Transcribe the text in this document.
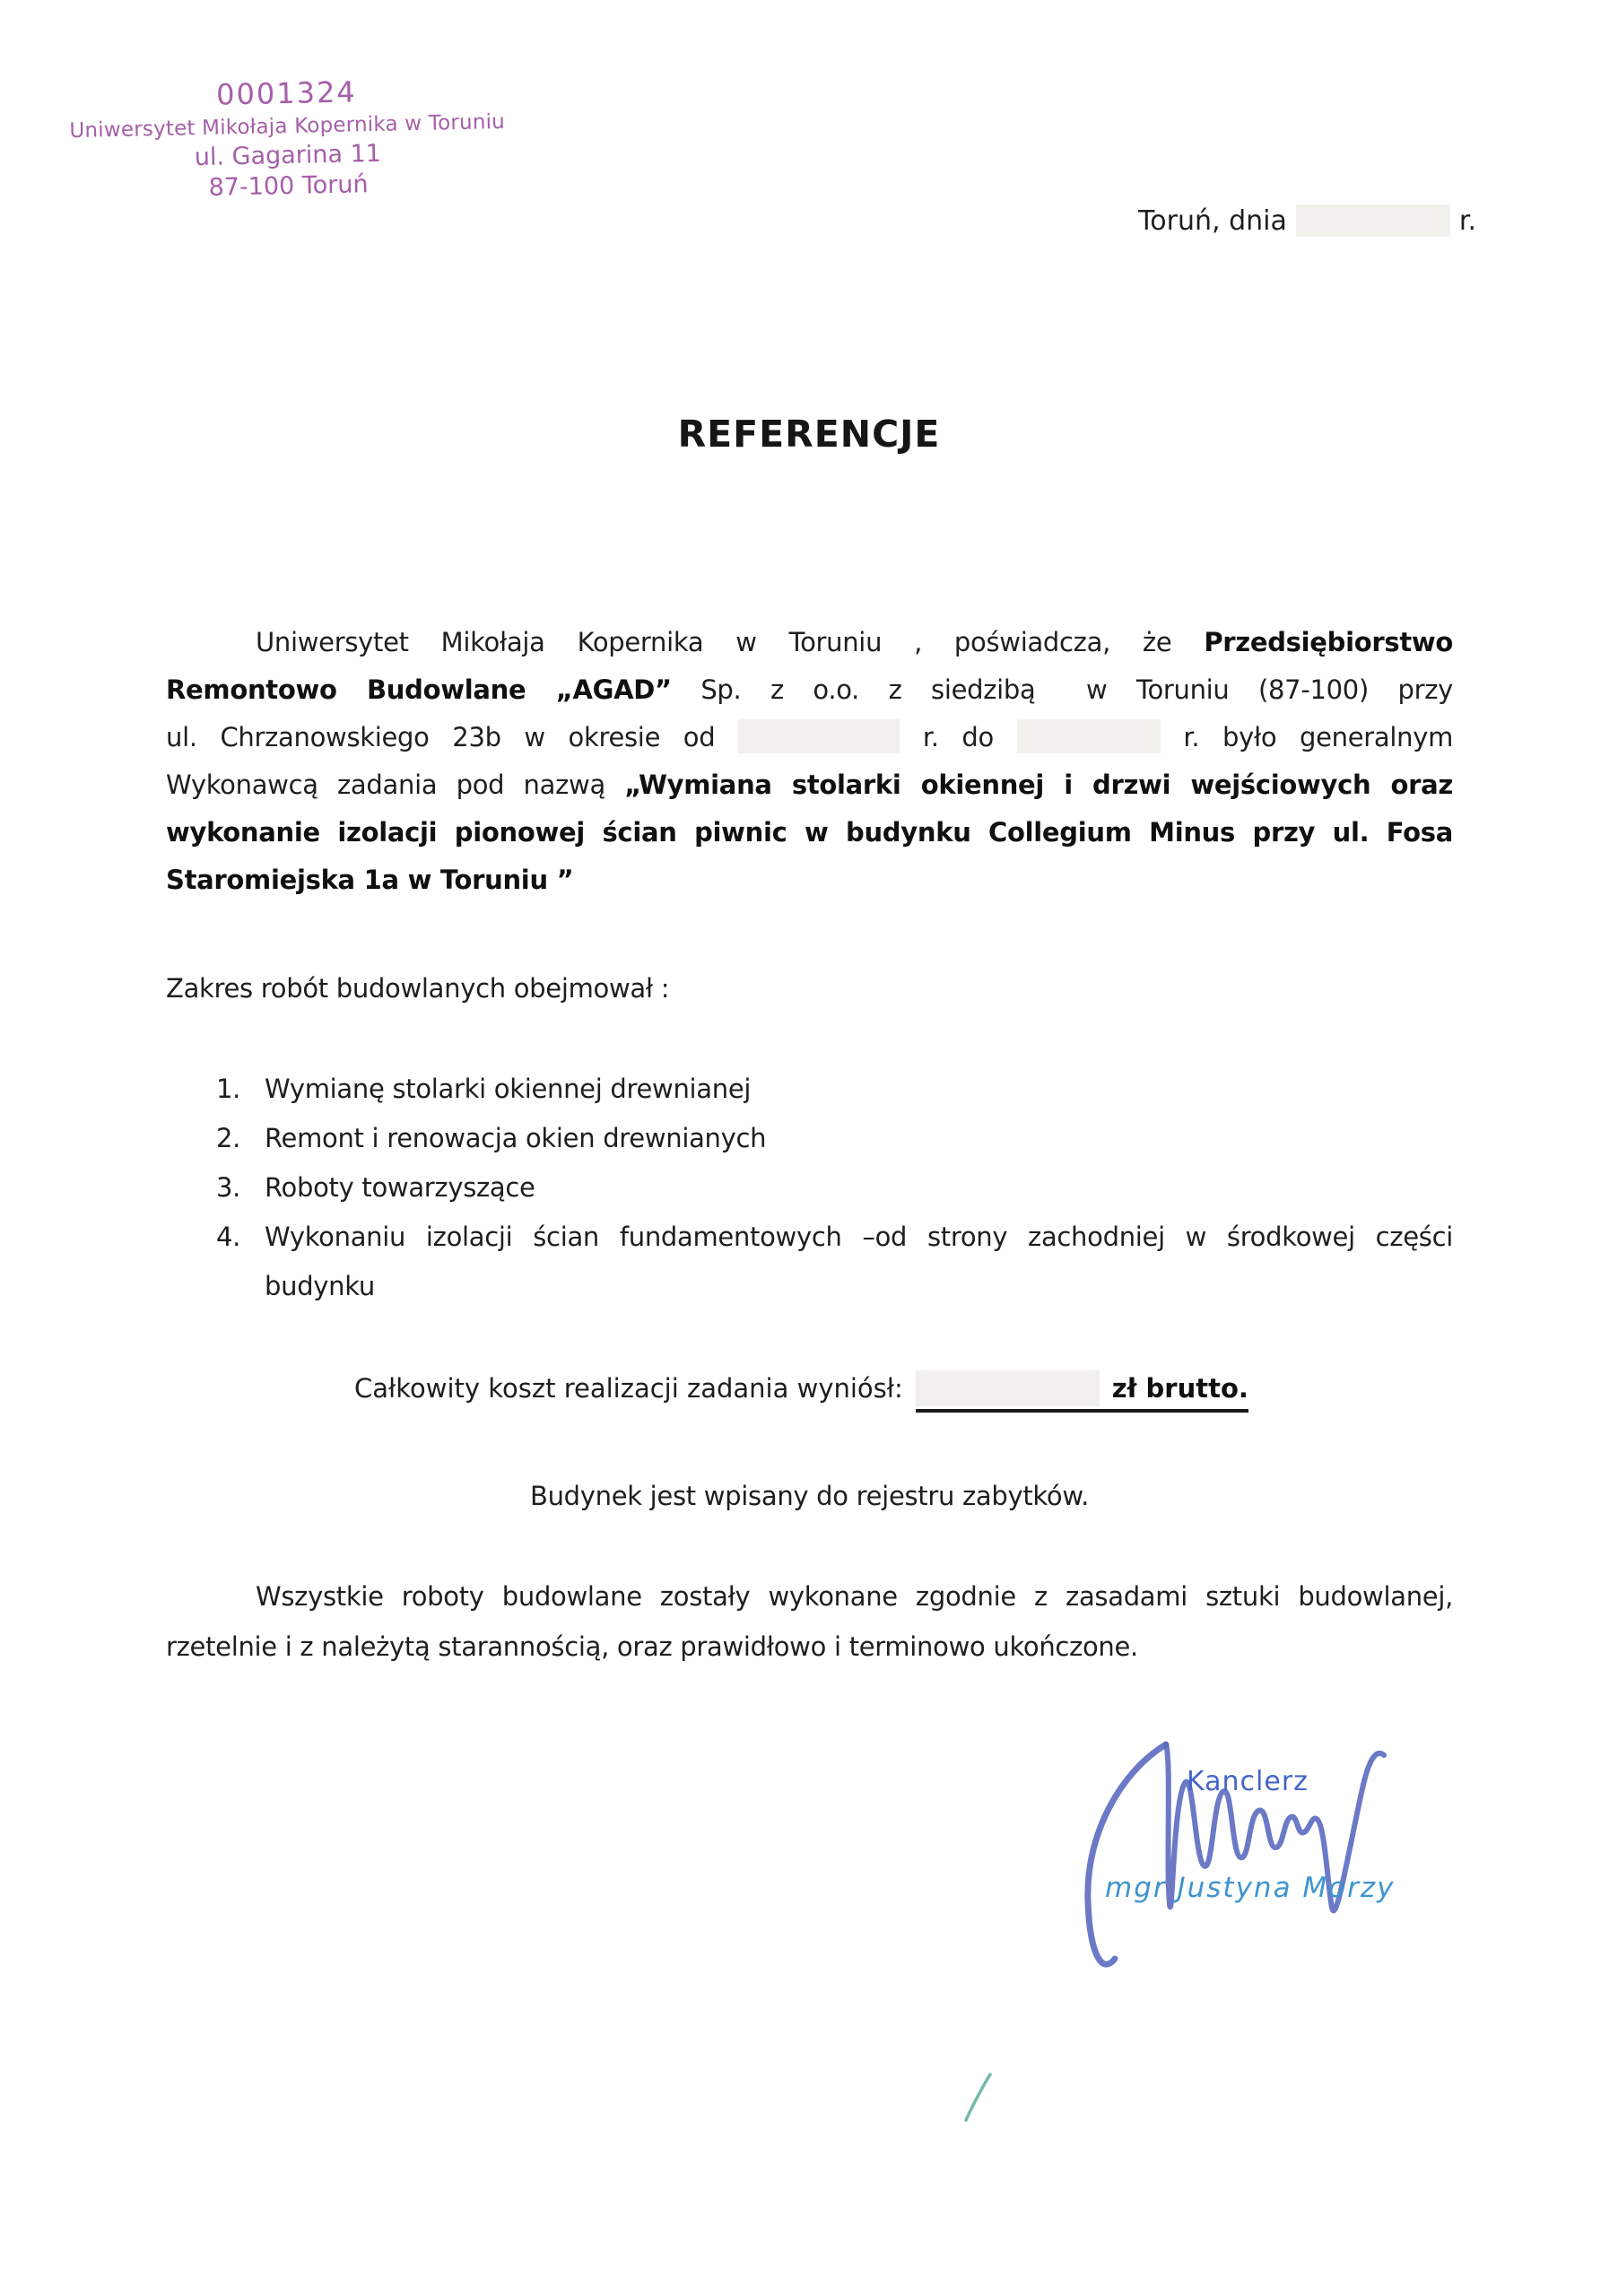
0001324
Uniwersytet Mikołaja Kopernika w Toruniu
ul. Gagarina 11
87-100 Toruń
Toruń, dnia	r.
REFERENCJE
Uniwersytet Mikołaja Kopernika w Toruniu , poświadcza, że Przedsiębiorstwo
Remontowo Budowlane „AGAD” Sp. z o.o. z siedzibą w Toruniu (87-100) przy
ul. Chrzanowskiego 23b w okresie od	r. do	r. było generalnym
Wykonawcą zadania pod nazwą „Wymiana stolarki okiennej i drzwi wejściowych oraz
wykonanie izolacji pionowej ścian piwnic w budynku Collegium Minus przy ul. Fosa
Staromiejska 1a w Toruniu ”
Zakres robót budowlanych obejmował :
1. Wymianę stolarki okiennej drewnianej
2. Remont i renowacja okien drewnianych
3. Roboty towarzyszące
4. Wykonaniu izolacji ścian fundamentowych –od strony zachodniej w środkowej części
budynku
Całkowity koszt realizacji zadania wyniósł:	zł brutto.
Budynek jest wpisany do rejestru zabytków.
Wszystkie roboty budowlane zostały wykonane zgodnie z zasadami sztuki budowlanej,
rzetelnie i z należytą starannością, oraz prawidłowo i terminowo ukończone.
Kanclerz
mgr Justyna Morzy
